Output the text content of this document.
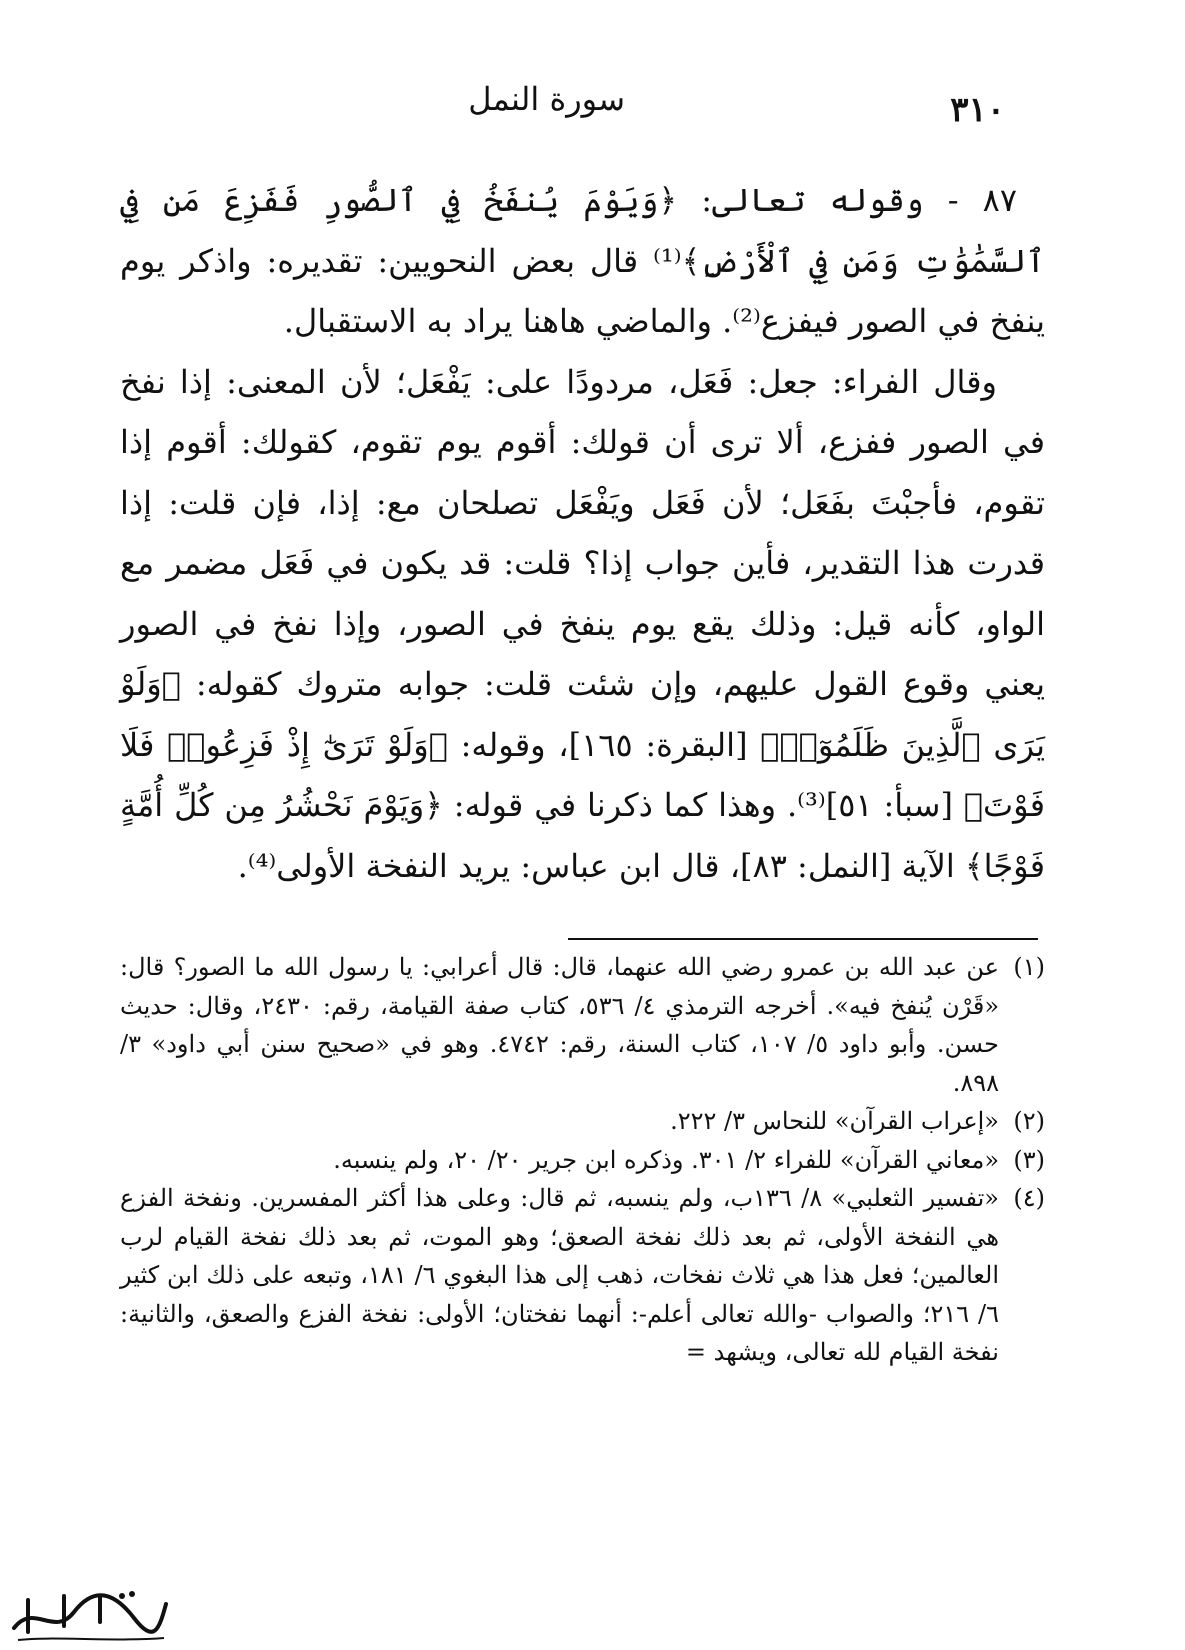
٣١٠
سورة النمل

٨٧ - وقوله تعالى: ﴿وَيَوْمَ يُنفَخُ فِي ٱلصُّورِ فَفَزِعَ مَن فِي ٱلسَّمَٰوَٰتِ وَمَن فِي ٱلْأَرْضِ﴾⁽¹⁾ قال بعض النحويين: تقديره: واذكر يوم ينفخ في الصور فيفزع⁽²⁾. والماضي هاهنا يراد به الاستقبال.

وقال الفراء: جعل: فَعَل، مردودًا على: يَفْعَل؛ لأن المعنى: إذا نفخ في الصور ففزع، ألا ترى أن قولك: أقوم يوم تقوم، كقولك: أقوم إذا تقوم، فأجبْتَ بفَعَل؛ لأن فَعَل ويَفْعَل تصلحان مع: إذا، فإن قلت: إذا قدرت هذا التقدير، فأين جواب إذا؟ قلت: قد يكون في فَعَل مضمر مع الواو، كأنه قيل: وذلك يقع يوم ينفخ في الصور، وإذا نفخ في الصور يعني وقوع القول عليهم، وإن شئت قلت: جوابه متروك كقوله: ﴿وَلَوْ يَرَى ٱلَّذِينَ ظَلَمُوٓا۟﴾ [البقرة: ١٦٥]، وقوله: ﴿وَلَوْ تَرَىٰٓ إِذْ فَزِعُوا۟ فَلَا فَوْتَ﴾ [سبأ: ٥١]⁽³⁾. وهذا كما ذكرنا في قوله: ﴿وَيَوْمَ نَحْشُرُ مِن كُلِّ أُمَّةٍ فَوْجًا﴾ الآية [النمل: ٨٣]، قال ابن عباس: يريد النفخة الأولى⁽⁴⁾.

(١)
عن عبد الله بن عمرو رضي الله عنهما، قال: قال أعرابي: يا رسول الله ما الصور؟ قال: «قَرْن يُنفخ فيه». أخرجه الترمذي ٤/ ٥٣٦، كتاب صفة القيامة، رقم: ٢٤٣٠، وقال: حديث حسن. وأبو داود ٥/ ١٠٧، كتاب السنة، رقم: ٤٧٤٢. وهو في «صحيح سنن أبي داود» ٣/ ٨٩٨.
(٢)
«إعراب القرآن» للنحاس ٣/ ٢٢٢.
(٣)
«معاني القرآن» للفراء ٢/ ٣٠١. وذكره ابن جرير ٢٠/ ٢٠، ولم ينسبه.
(٤)
«تفسير الثعلبي» ٨/ ١٣٦ب، ولم ينسبه، ثم قال: وعلى هذا أكثر المفسرين. ونفخة الفزع هي النفخة الأولى، ثم بعد ذلك نفخة الصعق؛ وهو الموت، ثم بعد ذلك نفخة القيام لرب العالمين؛ فعل هذا هي ثلاث نفخات، ذهب إلى هذا البغوي ٦/ ١٨١، وتبعه على ذلك ابن كثير ٦/ ٢١٦؛ والصواب -والله تعالى أعلم-: أنهما نفختان؛ الأولى: نفخة الفزع والصعق، والثانية: نفخة القيام لله تعالى، ويشهد =
